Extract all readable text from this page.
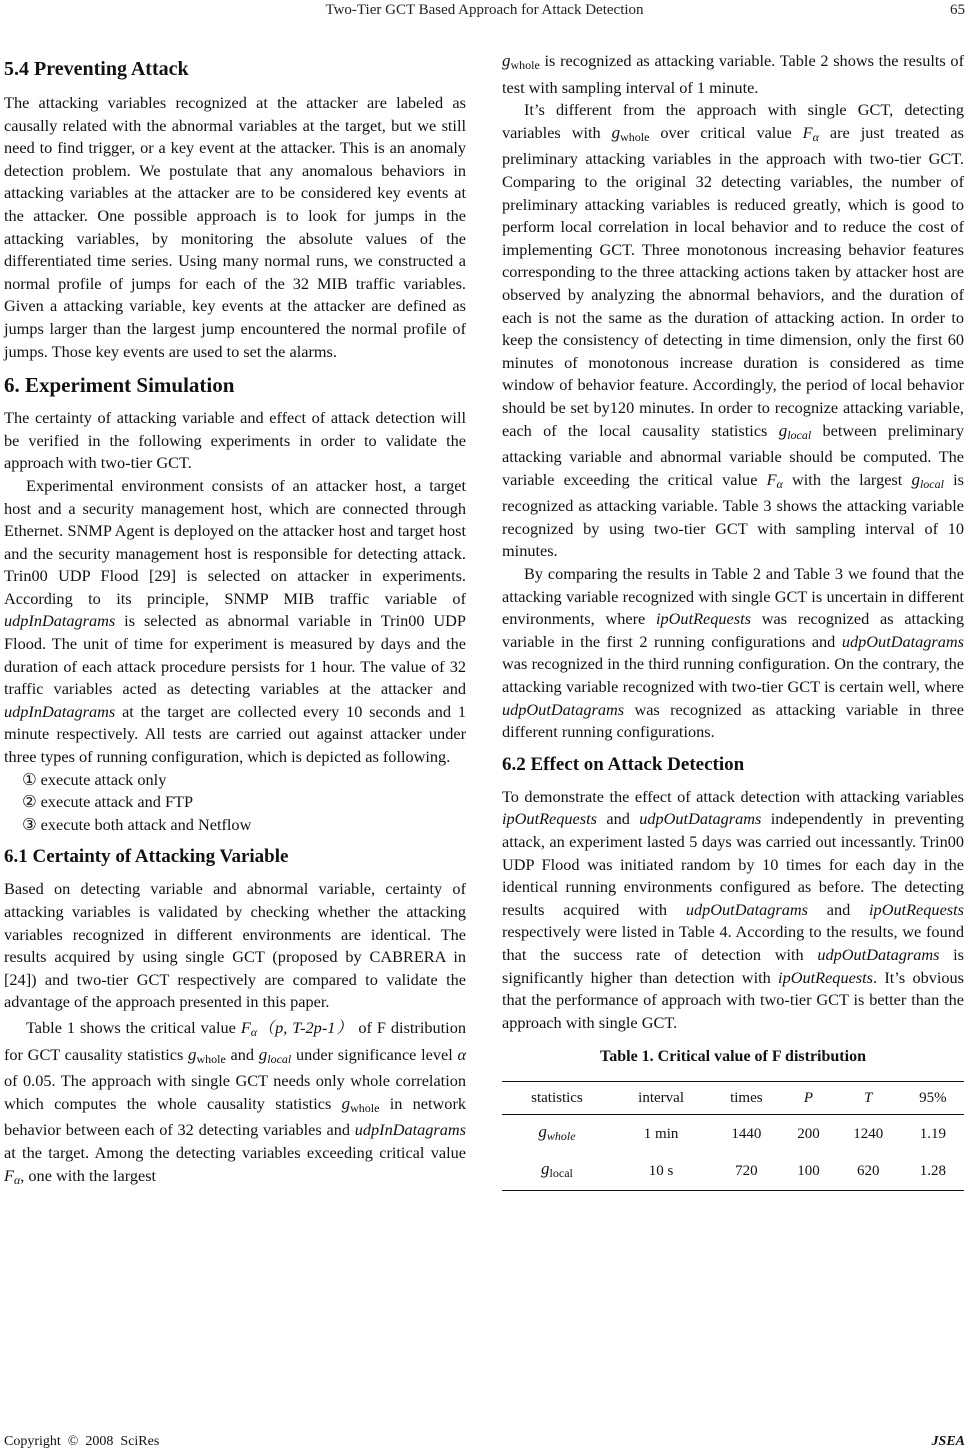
Two-Tier GCT Based Approach for Attack Detection	65
5.4 Preventing Attack

The attacking variables recognized at the attacker are labeled as causally related with the abnormal variables at the target, but we still need to find trigger, or a key event at the attacker. This is an anomaly detection problem. We postulate that any anomalous behaviors in attacking variables at the attacker are to be considered key events at the attacker. One possible approach is to look for jumps in the attacking variables, by monitoring the absolute values of the differentiated time series. Using many normal runs, we constructed a normal profile of jumps for each of the 32 MIB traffic variables. Given a attacking variable, key events at the attacker are defined as jumps larger than the largest jump encountered the normal profile of jumps. Those key events are used to set the alarms.

6. Experiment Simulation

The certainty of attacking variable and effect of attack detection will be verified in the following experiments in order to validate the approach with two-tier GCT.

Experimental environment consists of an attacker host, a target host and a security management host, which are connected through Ethernet. SNMP Agent is deployed on the attacker host and target host and the security management host is responsible for detecting attack. Trin00 UDP Flood [29] is selected on attacker in experiments. According to its principle, SNMP MIB traffic variable of udpInDatagrams is selected as abnormal variable in Trin00 UDP Flood. The unit of time for experiment is measured by days and the duration of each attack procedure persists for 1 hour. The value of 32 traffic variables acted as detecting variables at the attacker and udpInDatagrams at the target are collected every 10 seconds and 1 minute respectively. All tests are carried out against attacker under three types of running configuration, which is depicted as following.

① execute attack only
② execute attack and FTP
③ execute both attack and Netflow
6.1 Certainty of Attacking Variable

Based on detecting variable and abnormal variable, certainty of attacking variables is validated by checking whether the attacking variables recognized in different environments are identical. The results acquired by using single GCT (proposed by CABRERA in [24]) and two-tier GCT respectively are compared to validate the advantage of the approach presented in this paper.

Table 1 shows the critical value $F_\alpha(p$, T-2p-1） of F distribution for GCT causality statistics $g_{whole}$ and $g_{local}$ under significance level α of 0.05. The approach with single GCT needs only whole correlation which computes the whole causality statistics $g_{whole}$ in network behavior between each of 32 detecting variables and udpInDatagrams at the target. Among the detecting variables exceeding critical value $F_\alpha$, one with the largest

$g_{whole}$ is recognized as attacking variable. Table 2 shows the results of test with sampling interval of 1 minute.

It’s different from the approach with single GCT, detecting variables with $g_{whole}$ over critical value $F_\alpha$ are just treated as preliminary attacking variables in the approach with two-tier GCT. Comparing to the original 32 detecting variables, the number of preliminary attacking variables is reduced greatly, which is good to perform local correlation in local behavior and to reduce the cost of implementing GCT. Three monotonous increasing behavior features corresponding to the three attacking actions taken by attacker host are observed by analyzing the abnormal behaviors, and the duration of each is not the same as the duration of attacking action. In order to keep the consistency of detecting in time dimension, only the first 60 minutes of monotonous increase duration is considered as time window of behavior feature. Accordingly, the period of local behavior should be set by120 minutes. In order to recognize attacking variable, each of the local causality statistics $g_{local}$ between preliminary attacking variable and abnormal variable should be computed. The variable exceeding the critical value $F_\alpha$ with the largest $g_{local}$ is recognized as attacking variable. Table 3 shows the attacking variable recognized by using two-tier GCT with sampling interval of 10 minutes.

By comparing the results in Table 2 and Table 3 we found that the attacking variable recognized with single GCT is uncertain in different environments, where ipOutRequests was recognized as attacking variable in the first 2 running configurations and udpOutDatagrams was recognized in the third running configuration. On the contrary, the attacking variable recognized with two-tier GCT is certain well, where udpOutDatagrams was recognized as attacking variable in three different running configurations.

6.2 Effect on Attack Detection

To demonstrate the effect of attack detection with attacking variables ipOutRequests and udpOutDatagrams independently in preventing attack, an experiment lasted 5 days was carried out incessantly. Trin00 UDP Flood was initiated random by 10 times for each day in the identical running environments configured as before. The detecting results acquired with udpOutDatagrams and ipOutRequests respectively were listed in Table 4. According to the results, we found that the success rate of detection with udpOutDatagrams is significantly higher than detection with ipOutRequests. It’s obvious that the performance of approach with two-tier GCT is better than the approach with single GCT.

Table 1. Critical value of F distribution
statistics	interval	times	P	T	95%
$g_{whole}$	1 min	1440	200	1240	1.19
$g_{local}$	10 s	720	100	620	1.28
Copyright  ©  2008  SciRes	JSEA
